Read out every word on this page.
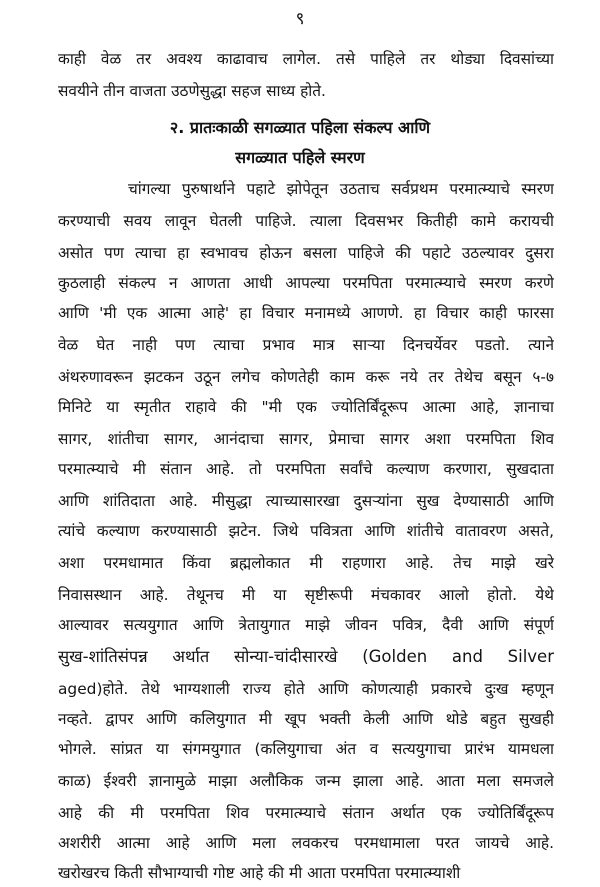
९
काही वेळ तर अवश्य काढावाच लागेल. तसे पाहिले तर थोड्या दिवसांच्या
सवयीने तीन वाजता उठणेसुद्धा सहज साध्य होते.
२. प्रातःकाळी सगळ्यात पहिला संकल्प आणि
सगळ्यात पहिले स्मरण
चांगल्या पुरुषार्थाने पहाटे झोपेतून उठताच सर्वप्रथम परमात्म्याचे स्मरण
करण्याची सवय लावून घेतली पाहिजे. त्याला दिवसभर कितीही कामे करायची
असोत पण त्याचा हा स्वभावच होऊन बसला पाहिजे की पहाटे उठल्यावर दुसरा
कुठलाही संकल्प न आणता आधी आपल्या परमपिता परमात्म्याचे स्मरण करणे
आणि 'मी एक आत्मा आहे' हा विचार मनामध्ये आणणे. हा विचार काही फारसा
वेळ घेत नाही पण त्याचा प्रभाव मात्र साऱ्या दिनचर्येवर पडतो. त्याने
अंथरुणावरून झटकन उठून लगेच कोणतेही काम करू नये तर तेथेच बसून ५-७
मिनिटे या स्मृतीत राहावे की "मी एक ज्योतिर्बिंदूरूप आत्मा आहे, ज्ञानाचा
सागर, शांतीचा सागर, आनंदाचा सागर, प्रेमाचा सागर अशा परमपिता शिव
परमात्म्याचे मी संतान आहे. तो परमपिता सर्वांचे कल्याण करणारा, सुखदाता
आणि शांतिदाता आहे. मीसुद्धा त्याच्यासारखा दुसऱ्यांना सुख देण्यासाठी आणि
त्यांचे कल्याण करण्यासाठी झटेन. जिथे पवित्रता आणि शांतीचे वातावरण असते,
अशा परमधामात किंवा ब्रह्मलोकात मी राहणारा आहे. तेच माझे खरे
निवासस्थान आहे. तेथूनच मी या सृष्टीरूपी मंचकावर आलो होतो. येथे
आल्यावर सत्ययुगात आणि त्रेतायुगात माझे जीवन पवित्र, दैवी आणि संपूर्ण
सुख-शांतिसंपन्न अर्थात सोन्या-चांदीसारखे (Golden and Silver
aged)होते. तेथे भाग्यशाली राज्य होते आणि कोणत्याही प्रकारचे दुःख म्हणून
नव्हते. द्वापर आणि कलियुगात मी खूप भक्ती केली आणि थोडे बहुत सुखही
भोगले. सांप्रत या संगमयुगात (कलियुगाचा अंत व सत्ययुगाचा प्रारंभ यामधला
काळ) ईश्वरी ज्ञानामुळे माझा अलौकिक जन्म झाला आहे. आता मला समजले
आहे की मी परमपिता शिव परमात्म्याचे संतान अर्थात एक ज्योतिर्बिंदूरूप
अशरीरी आत्मा आहे आणि मला लवकरच परमधामाला परत जायचे आहे.
खरोखरच किती सौभाग्याची गोष्ट आहे की मी आता परमपिता परमात्म्याशी
